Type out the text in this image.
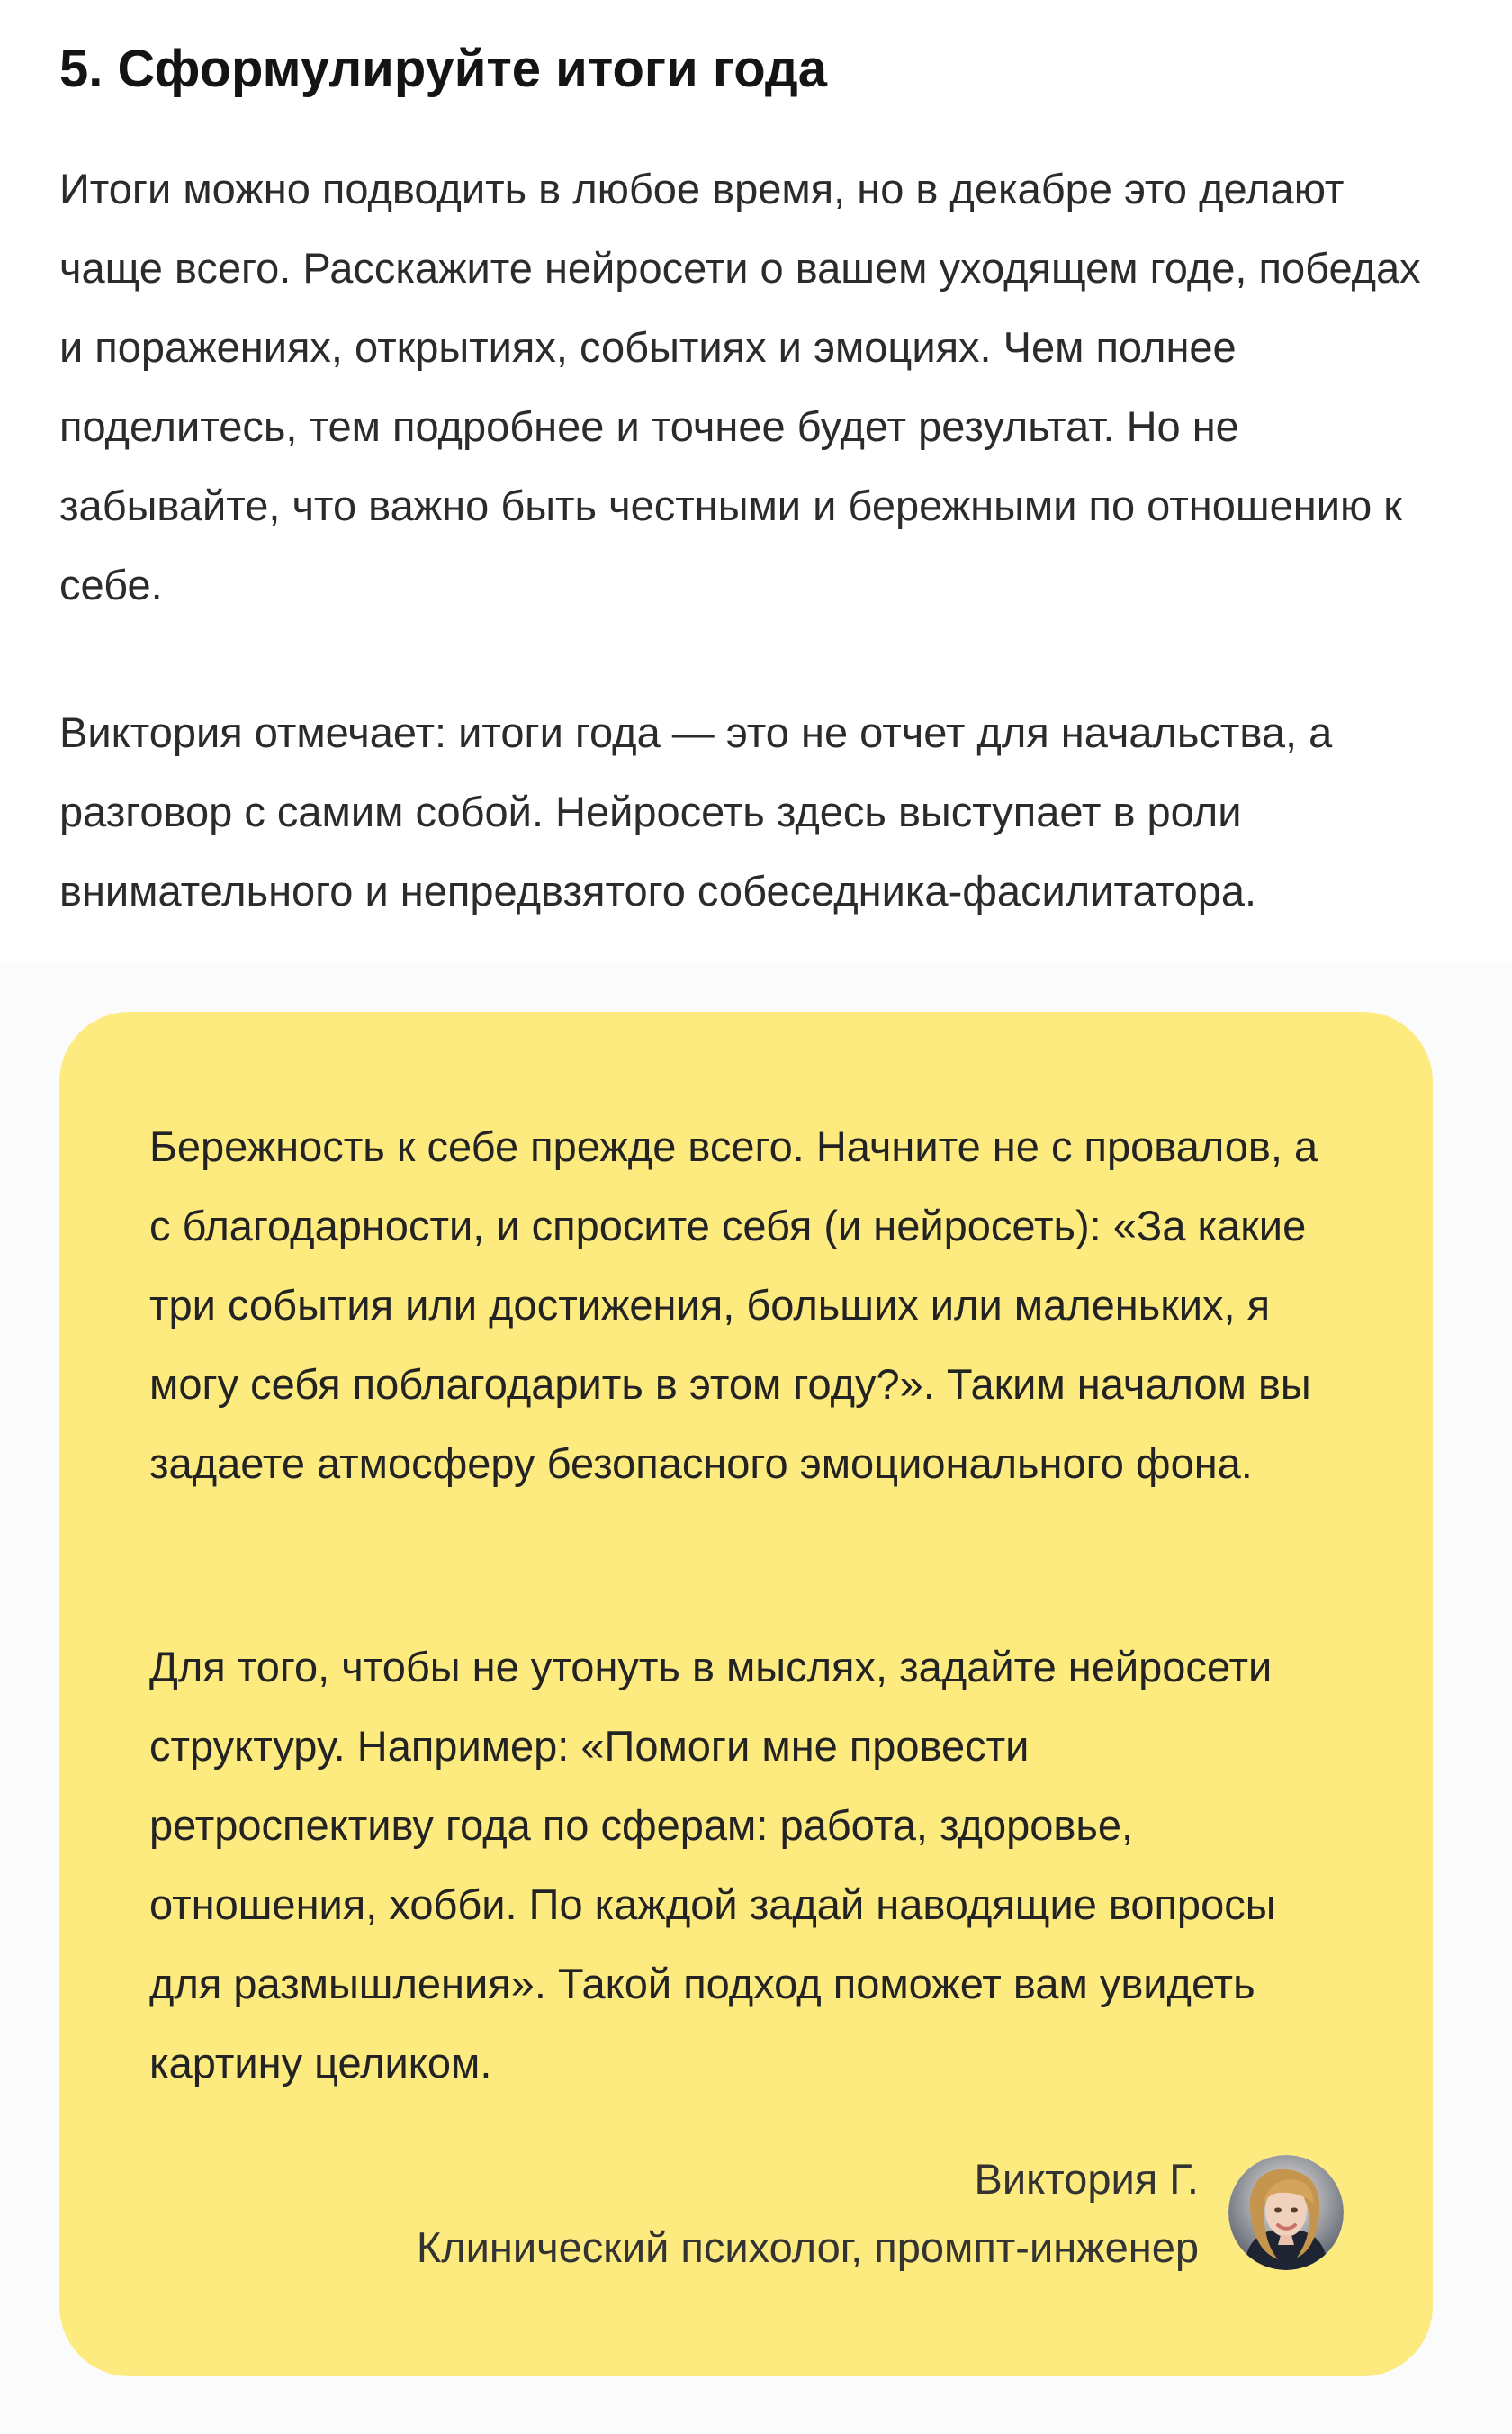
5. Сформулируйте итоги года

Итоги можно подводить в любое время, но в декабре это делают чаще всего. Расскажите нейросети о вашем уходящем годе, победах и поражениях, открытиях, событиях и эмоциях. Чем полнее поделитесь, тем подробнее и точнее будет результат. Но не забывайте, что важно быть честными и бережными по отношению к себе.

Виктория отмечает: итоги года — это не отчет для начальства, а разговор с самим собой. Нейросеть здесь выступает в роли внимательного и непредвзятого собеседника-фасилитатора.

Бережность к себе прежде всего. Начните не с провалов, а с благодарности, и спросите себя (и нейросеть): «За какие три события или достижения, больших или маленьких, я могу себя поблагодарить в этом году?». Таким началом вы задаете атмосферу безопасного эмоционального фона.

Для того, чтобы не утонуть в мыслях, задайте нейросети структуру. Например: «Помоги мне провести ретроспективу года по сферам: работа, здоровье, отношения, хобби. По каждой задай наводящие вопросы для размышления». Такой подход поможет вам увидеть картину целиком.

Виктория Г.
Клинический психолог, промпт-инженер
